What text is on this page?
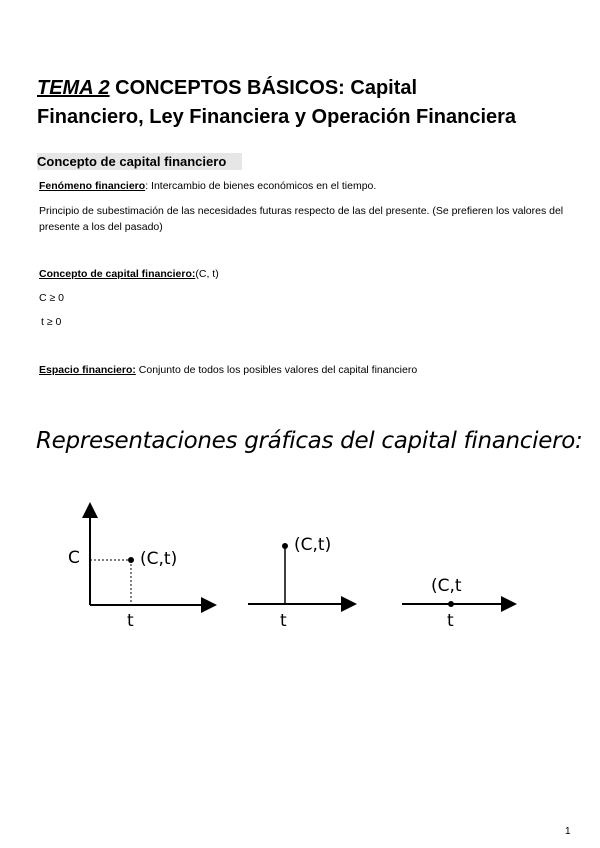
TEMA 2 CONCEPTOS BÁSICOS: Capital
Financiero, Ley Financiera y Operación Financiera
Concepto de capital financiero
Fenómeno financiero: Intercambio de bienes económicos en el tiempo.
Principio de subestimación de las necesidades futuras respecto de las del presente. (Se prefieren los valores del presente a los del pasado)
Concepto de capital financiero:(C, t)
C ≥ 0
t ≥ 0
Espacio financiero: Conjunto de todos los posibles valores del capital financiero
Representaciones gráficas del capital financiero:
C	(C,t)
t
(C,t)
t
(C,t
t
1
